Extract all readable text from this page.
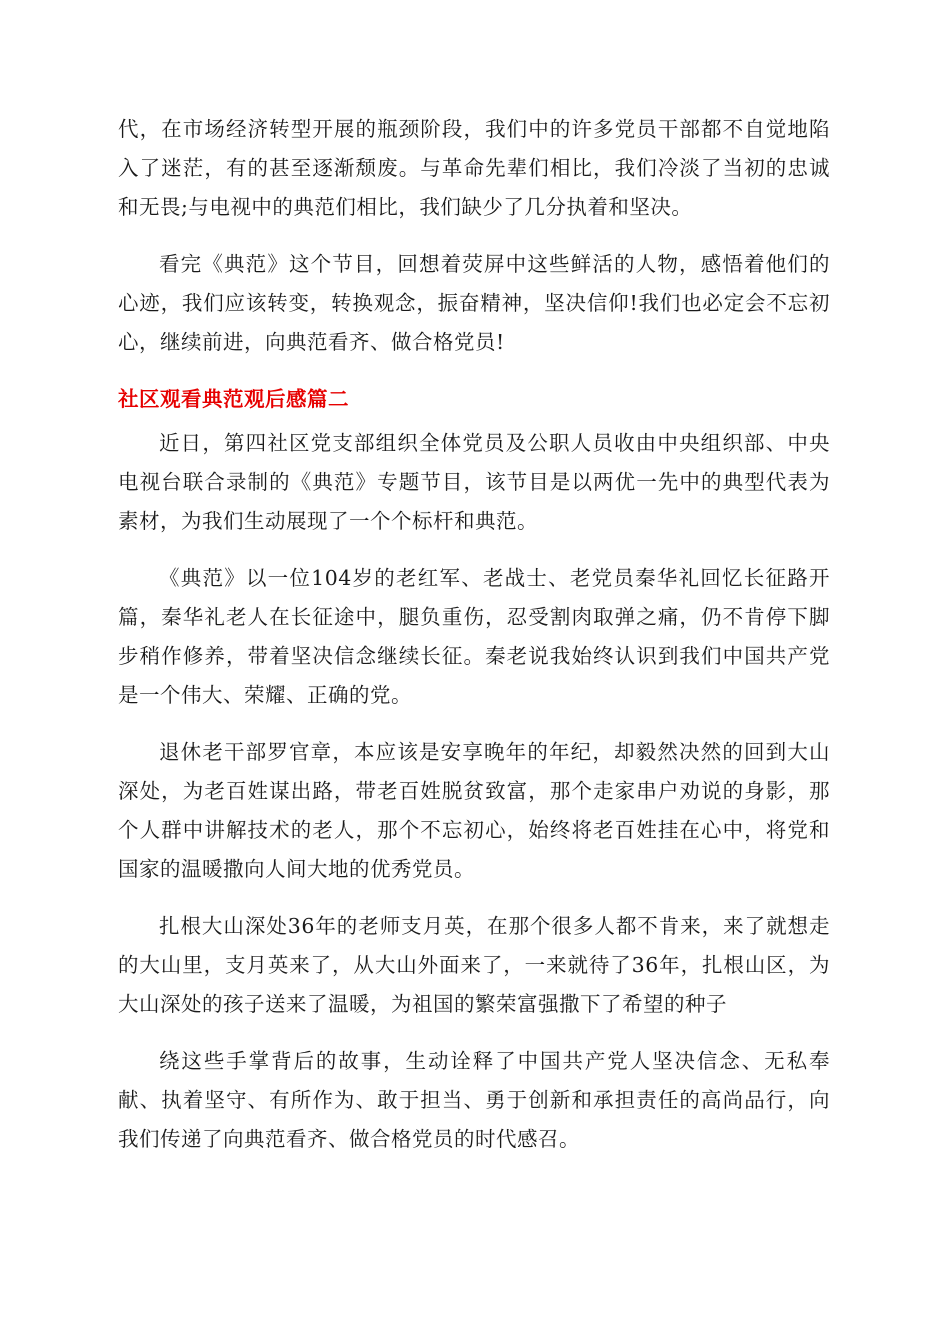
代，在市场经济转型开展的瓶颈阶段，我们中的许多党员干部都不自觉地陷入了迷茫，有的甚至逐渐颓废。与革命先辈们相比，我们冷淡了当初的忠诚和无畏;与电视中的典范们相比，我们缺少了几分执着和坚决。

看完《典范》这个节目，回想着荧屏中这些鲜活的人物，感悟着他们的心迹，我们应该转变，转换观念，振奋精神，坚决信仰!我们也必定会不忘初心，继续前进，向典范看齐、做合格党员!

社区观看典范观后感篇二

近日，第四社区党支部组织全体党员及公职人员收由中央组织部、中央电视台联合录制的《典范》专题节目，该节目是以两优一先中的典型代表为素材，为我们生动展现了一个个标杆和典范。

《典范》以一位104岁的老红军、老战士、老党员秦华礼回忆长征路开篇，秦华礼老人在长征途中，腿负重伤，忍受割肉取弹之痛，仍不肯停下脚步稍作修养，带着坚决信念继续长征。秦老说我始终认识到我们中国共产党是一个伟大、荣耀、正确的党。

退休老干部罗官章，本应该是安享晚年的年纪，却毅然决然的回到大山深处，为老百姓谋出路，带老百姓脱贫致富，那个走家串户劝说的身影，那个人群中讲解技术的老人，那个不忘初心，始终将老百姓挂在心中，将党和国家的温暖撒向人间大地的优秀党员。

扎根大山深处36年的老师支月英，在那个很多人都不肯来，来了就想走的大山里，支月英来了，从大山外面来了，一来就待了36年，扎根山区，为大山深处的孩子送来了温暖，为祖国的繁荣富强撒下了希望的种子

绕这些手掌背后的故事，生动诠释了中国共产党人坚决信念、无私奉献、执着坚守、有所作为、敢于担当、勇于创新和承担责任的高尚品行，向我们传递了向典范看齐、做合格党员的时代感召。
